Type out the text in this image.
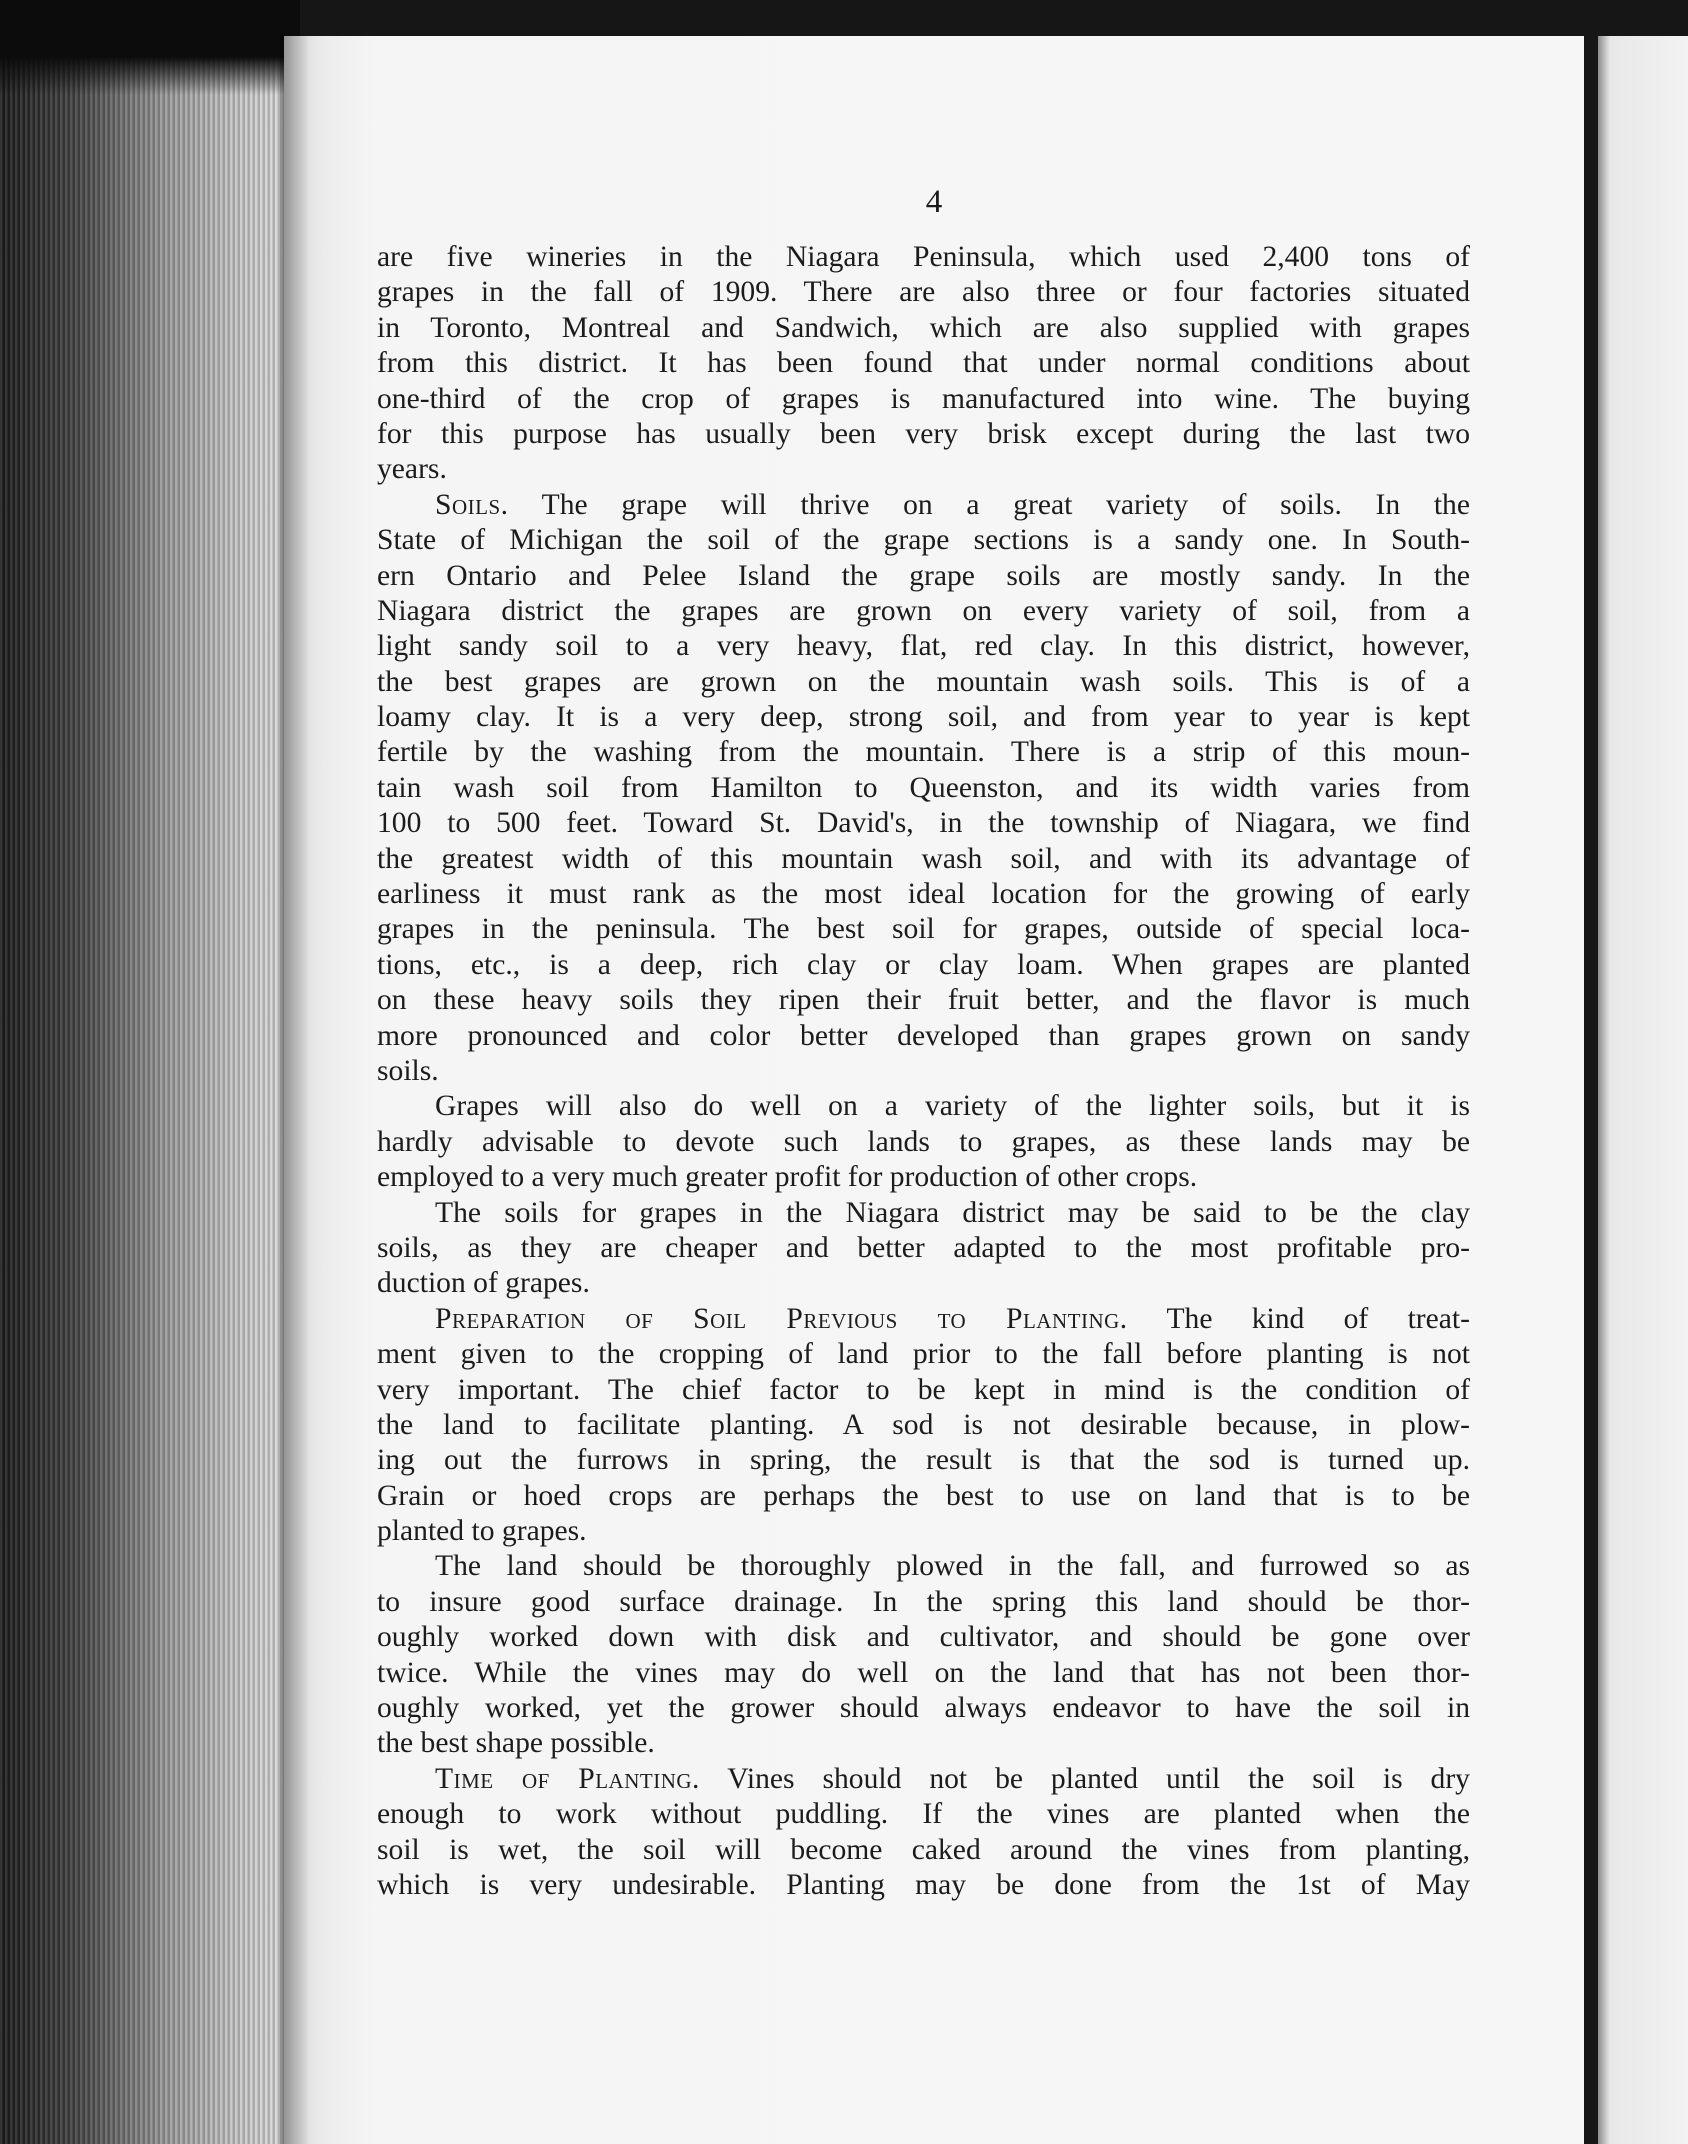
4
are five wineries in the Niagara Peninsula, which used 2,400 tons of
grapes in the fall of 1909. There are also three or four factories situated
in Toronto, Montreal and Sandwich, which are also supplied with grapes
from this district. It has been found that under normal conditions about
one-third of the crop of grapes is manufactured into wine. The buying
for this purpose has usually been very brisk except during the last two
years.
Soils. The grape will thrive on a great variety of soils. In the
State of Michigan the soil of the grape sections is a sandy one. In South-
ern Ontario and Pelee Island the grape soils are mostly sandy. In the
Niagara district the grapes are grown on every variety of soil, from a
light sandy soil to a very heavy, flat, red clay. In this district, however,
the best grapes are grown on the mountain wash soils. This is of a
loamy clay. It is a very deep, strong soil, and from year to year is kept
fertile by the washing from the mountain. There is a strip of this moun-
tain wash soil from Hamilton to Queenston, and its width varies from
100 to 500 feet. Toward St. David's, in the township of Niagara, we find
the greatest width of this mountain wash soil, and with its advantage of
earliness it must rank as the most ideal location for the growing of early
grapes in the peninsula. The best soil for grapes, outside of special loca-
tions, etc., is a deep, rich clay or clay loam. When grapes are planted
on these heavy soils they ripen their fruit better, and the flavor is much
more pronounced and color better developed than grapes grown on sandy
soils.
Grapes will also do well on a variety of the lighter soils, but it is
hardly advisable to devote such lands to grapes, as these lands may be
employed to a very much greater profit for production of other crops.
The soils for grapes in the Niagara district may be said to be the clay
soils, as they are cheaper and better adapted to the most profitable pro-
duction of grapes.
Preparation of Soil Previous to Planting. The kind of treat-
ment given to the cropping of land prior to the fall before planting is not
very important. The chief factor to be kept in mind is the condition of
the land to facilitate planting. A sod is not desirable because, in plow-
ing out the furrows in spring, the result is that the sod is turned up.
Grain or hoed crops are perhaps the best to use on land that is to be
planted to grapes.
The land should be thoroughly plowed in the fall, and furrowed so as
to insure good surface drainage. In the spring this land should be thor-
oughly worked down with disk and cultivator, and should be gone over
twice. While the vines may do well on the land that has not been thor-
oughly worked, yet the grower should always endeavor to have the soil in
the best shape possible.
Time of Planting. Vines should not be planted until the soil is dry
enough to work without puddling. If the vines are planted when the
soil is wet, the soil will become caked around the vines from planting,
which is very undesirable. Planting may be done from the 1st of May
